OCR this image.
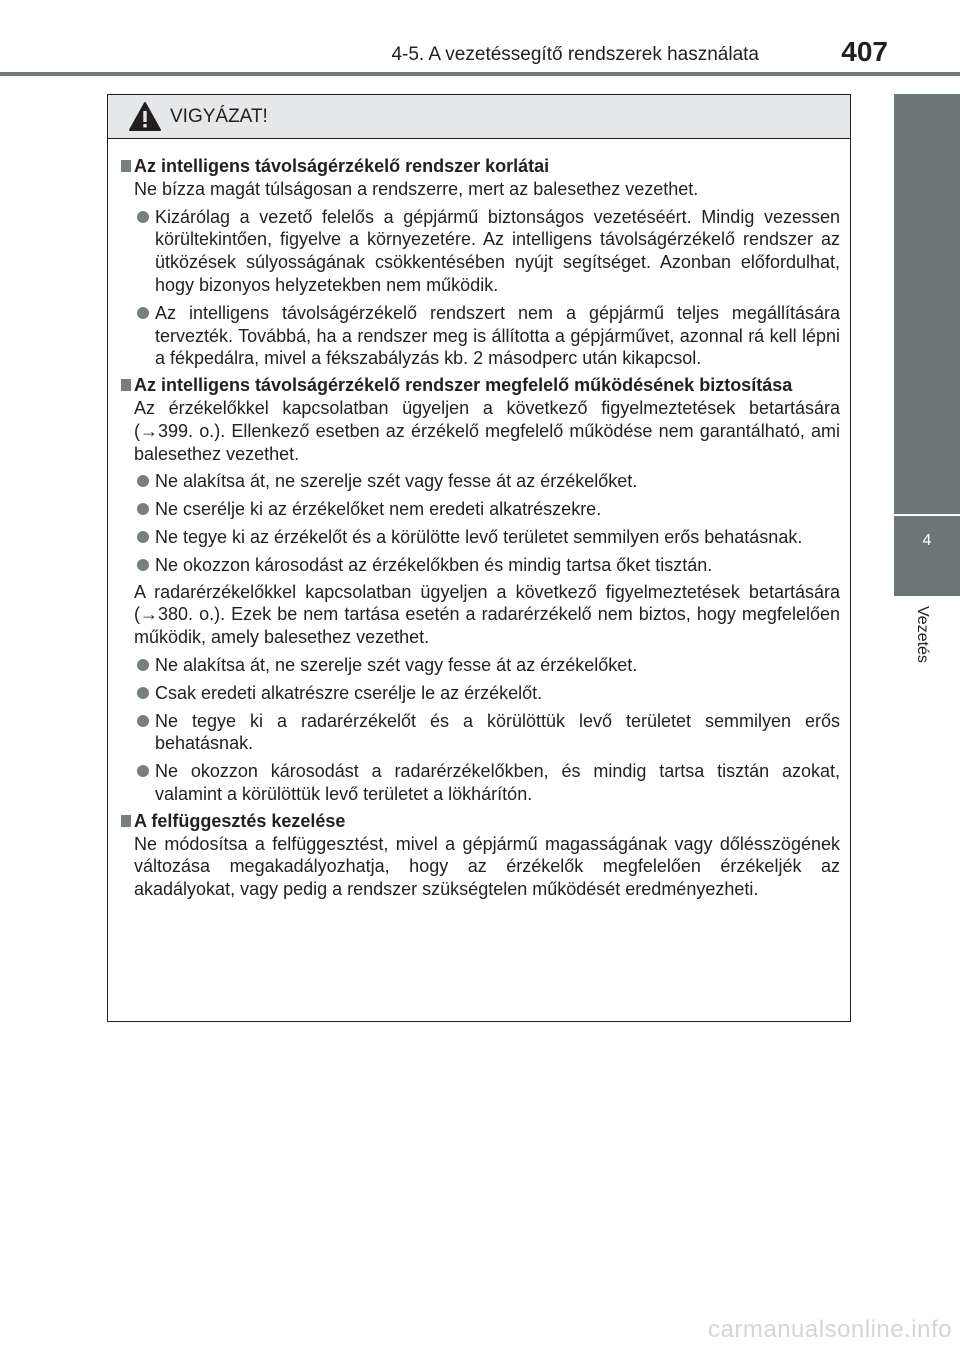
4-5. A vezetéssegítő rendszerek használata	407
4
Vezetés
VIGYÁZAT!
Az intelligens távolságérzékelő rendszer korlátai
Ne bízza magát túlságosan a rendszerre, mert az balesethez vezethet.
Kizárólag a vezető felelős a gépjármű biztonságos vezetéséért. Mindig vezessen körültekintően, figyelve a környezetére. Az intelligens távolságérzékelő rendszer az ütközések súlyosságának csökkentésében nyújt segítséget. Azonban előfordulhat, hogy bizonyos helyzetekben nem működik.
Az intelligens távolságérzékelő rendszert nem a gépjármű teljes megállítására tervezték. Továbbá, ha a rendszer meg is állította a gépjárművet, azonnal rá kell lépni a fékpedálra, mivel a fékszabályzás kb. 2 másodperc után kikapcsol.
Az intelligens távolságérzékelő rendszer megfelelő működésének biztosítása
Az érzékelőkkel kapcsolatban ügyeljen a következő figyelmeztetések betartására (→399. o.). Ellenkező esetben az érzékelő megfelelő működése nem garantálható, ami balesethez vezethet.
Ne alakítsa át, ne szerelje szét vagy fesse át az érzékelőket.
Ne cserélje ki az érzékelőket nem eredeti alkatrészekre.
Ne tegye ki az érzékelőt és a körülötte levő területet semmilyen erős behatásnak.
Ne okozzon károsodást az érzékelőkben és mindig tartsa őket tisztán.
A radarérzékelőkkel kapcsolatban ügyeljen a következő figyelmeztetések betartására (→380. o.). Ezek be nem tartása esetén a radarérzékelő nem biztos, hogy megfelelően működik, amely balesethez vezethet.
Ne alakítsa át, ne szerelje szét vagy fesse át az érzékelőket.
Csak eredeti alkatrészre cserélje le az érzékelőt.
Ne tegye ki a radarérzékelőt és a körülöttük levő területet semmilyen erős behatásnak.
Ne okozzon károsodást a radarérzékelőkben, és mindig tartsa tisztán azokat, valamint a körülöttük levő területet a lökhárítón.
A felfüggesztés kezelése
Ne módosítsa a felfüggesztést, mivel a gépjármű magasságának vagy dőlésszögének változása megakadályozhatja, hogy az érzékelők megfelelően érzékeljék az akadályokat, vagy pedig a rendszer szükségtelen működését eredményezheti.
carmanualsonline.info
